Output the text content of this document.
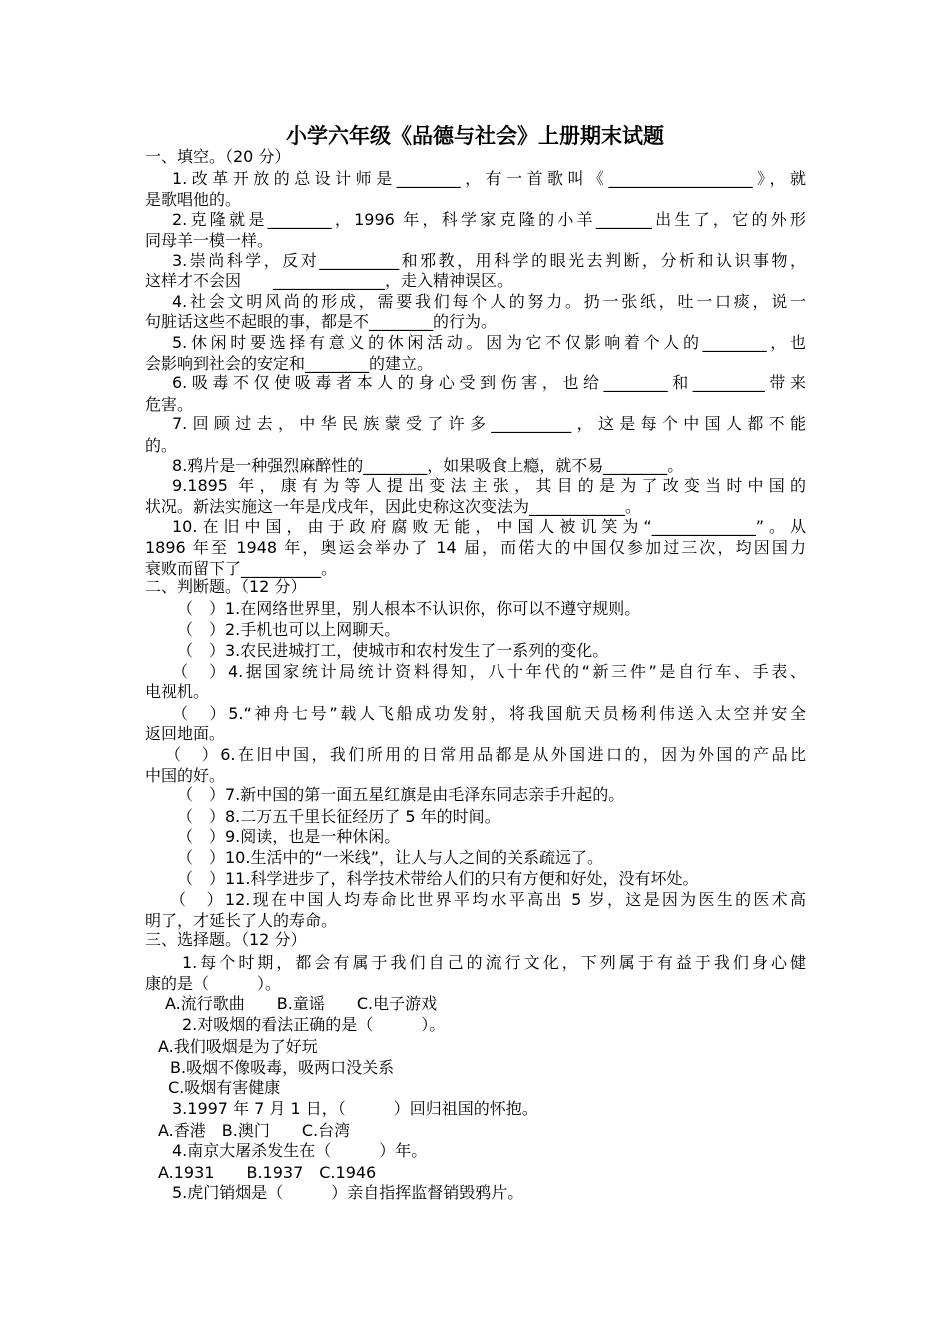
小学六年级《品德与社会》上册期末试题
一、填空。（20 分）
1.改革开放的总设计师是________，有一首歌叫《__________________》，就
是歌唱他的。
2.克隆就是________，1996 年，科学家克隆的小羊_______出生了，它的外形
同母羊一模一样。
3.崇尚科学，反对__________和邪教，用科学的眼光去判断，分析和认识事物，
这样才不会因　　______________，走入精神误区。
4.社会文明风尚的形成，需要我们每个人的努力。扔一张纸，吐一口痰，说一
句脏话这些不起眼的事，都是不________的行为。
5.休闲时要选择有意义的休闲活动。因为它不仅影响着个人的________，也
会影响到社会的安定和________的建立。
6.吸毒不仅使吸毒者本人的身心受到伤害，也给________和_________带来
危害。
7.回顾过去，中华民族蒙受了许多__________，这是每个中国人都不能
的。
8.鸦片是一种强烈麻醉性的________，如果吸食上瘾，就不易________。
9.1895 年，康有为等人提出变法主张，其目的是为了改变当时中国的
状况。新法实施这一年是戊戌年，因此史称这次变法为____________。
10.在旧中国，由于政府腐败无能，中国人被讥笑为“_____________”。从
1896 年至 1948 年，奥运会举办了 14 届，而偌大的中国仅参加过三次，均因国力
衰败而留下了__________。
二、判断题。（12 分）
（　）1.在网络世界里，别人根本不认识你，你可以不遵守规则。
（　）2.手机也可以上网聊天。
（　）3.农民进城打工，使城市和农村发生了一系列的变化。
（　）4.据国家统计局统计资料得知，八十年代的“新三件”是自行车、手表、
电视机。
（　）5.“神舟七号”载人飞船成功发射，将我国航天员杨利伟送入太空并安全
返回地面。
（　）6.在旧中国，我们所用的日常用品都是从外国进口的，因为外国的产品比
中国的好。
（　）7.新中国的第一面五星红旗是由毛泽东同志亲手升起的。
（　）8.二万五千里长征经历了 5 年的时间。
（　）9.阅读，也是一种休闲。
（　）10.生活中的“一米线”，让人与人之间的关系疏远了。
（　）11.科学进步了，科学技术带给人们的只有方便和好处，没有坏处。
（　）12.现在中国人均寿命比世界平均水平高出 5 岁，这是因为医生的医术高
明了，才延长了人的寿命。
三、选择题。（12 分）
1.每个时期，都会有属于我们自己的流行文化，下列属于有益于我们身心健
康的是（　　　）。
A.流行歌曲　　B.童谣　　C.电子游戏
2.对吸烟的看法正确的是（　　　）。
A.我们吸烟是为了好玩
B.吸烟不像吸毒，吸两口没关系
C.吸烟有害健康
3.1997 年 7 月 1 日，（　　　）回归祖国的怀抱。
A.香港　B.澳门　　C.台湾
4.南京大屠杀发生在（　　　）年。
A.1931　　B.1937　C.1946
5.虎门销烟是（　　　）亲自指挥监督销毁鸦片。
